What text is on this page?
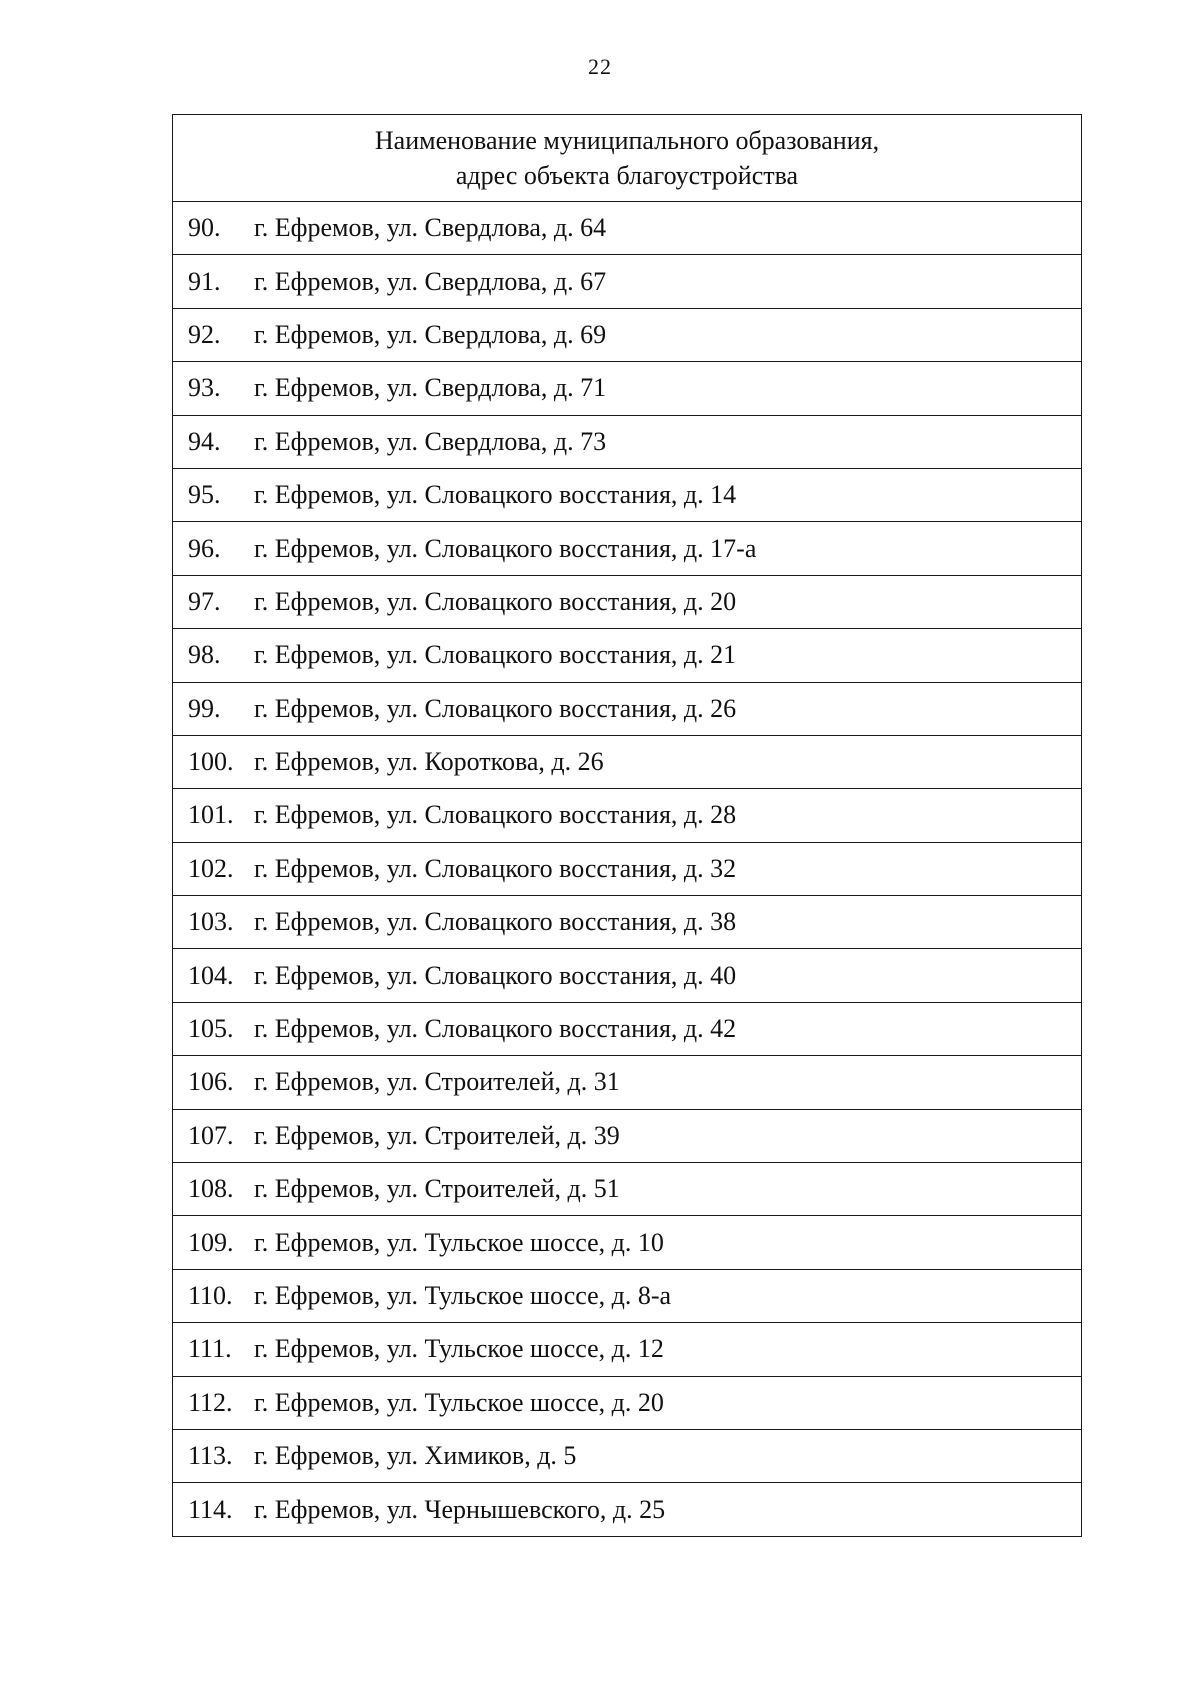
22
Наименование муниципального образования,
адрес объекта благоустройства

90. г. Ефремов, ул. Свердлова, д. 64
91. г. Ефремов, ул. Свердлова, д. 67
92. г. Ефремов, ул. Свердлова, д. 69
93. г. Ефремов, ул. Свердлова, д. 71
94. г. Ефремов, ул. Свердлова, д. 73
95. г. Ефремов, ул. Словацкого восстания, д. 14
96. г. Ефремов, ул. Словацкого восстания, д. 17-а
97. г. Ефремов, ул. Словацкого восстания, д. 20
98. г. Ефремов, ул. Словацкого восстания, д. 21
99. г. Ефремов, ул. Словацкого восстания, д. 26
100. г. Ефремов, ул. Короткова, д. 26
101. г. Ефремов, ул. Словацкого восстания, д. 28
102. г. Ефремов, ул. Словацкого восстания, д. 32
103. г. Ефремов, ул. Словацкого восстания, д. 38
104. г. Ефремов, ул. Словацкого восстания, д. 40
105. г. Ефремов, ул. Словацкого восстания, д. 42
106. г. Ефремов, ул. Строителей, д. 31
107. г. Ефремов, ул. Строителей, д. 39
108. г. Ефремов, ул. Строителей, д. 51
109. г. Ефремов, ул. Тульское шоссе, д. 10
110. г. Ефремов, ул. Тульское шоссе, д. 8-а
111. г. Ефремов, ул. Тульское шоссе, д. 12
112. г. Ефремов, ул. Тульское шоссе, д. 20
113. г. Ефремов, ул. Химиков, д. 5
114. г. Ефремов, ул. Чернышевского, д. 25
